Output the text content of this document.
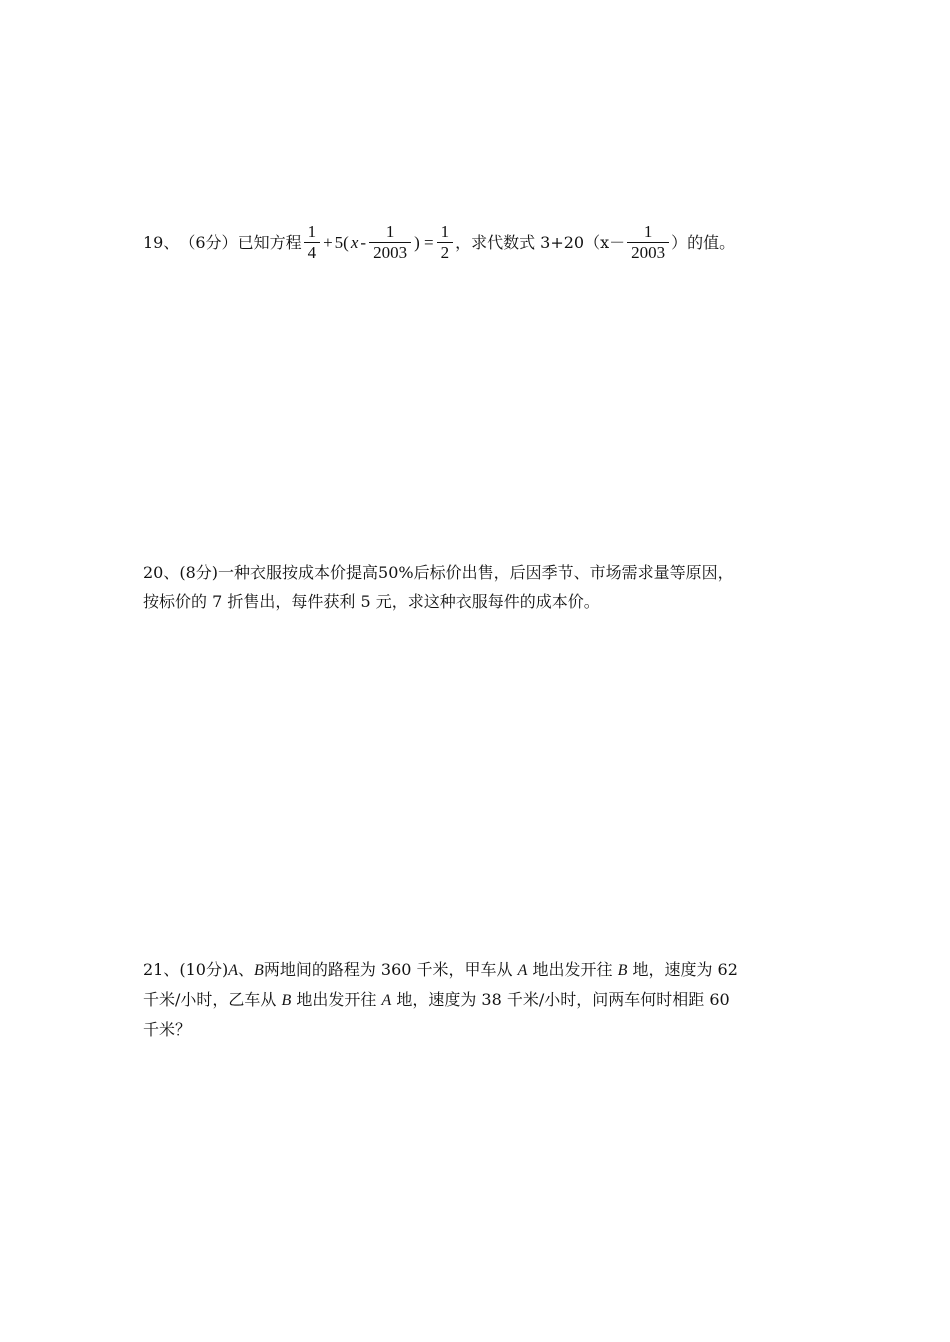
19、 （6分） 已知方程 $\frac{1}{4} + 5$( x - $\frac{1}{2003}$ ) = $\frac{1}{2}$ ，求代数式 $3+20(x- \frac{1}{2003}$ ）的值。
20、(8分)一种衣服按成本价提高50%后标价出售，后因季节、市场需求量等原因，
按标价的 7 折售出，每件获利 5 元，求这种衣服每件的成本价。
21、(10分)A、B两地间的路程为 360 千米，甲车从 A 地出发开往 B 地，速度为 62
千米/小时，乙车从 B 地出发开往 A 地，速度为 38 千米/小时，问两车何时相距 60
千米？
